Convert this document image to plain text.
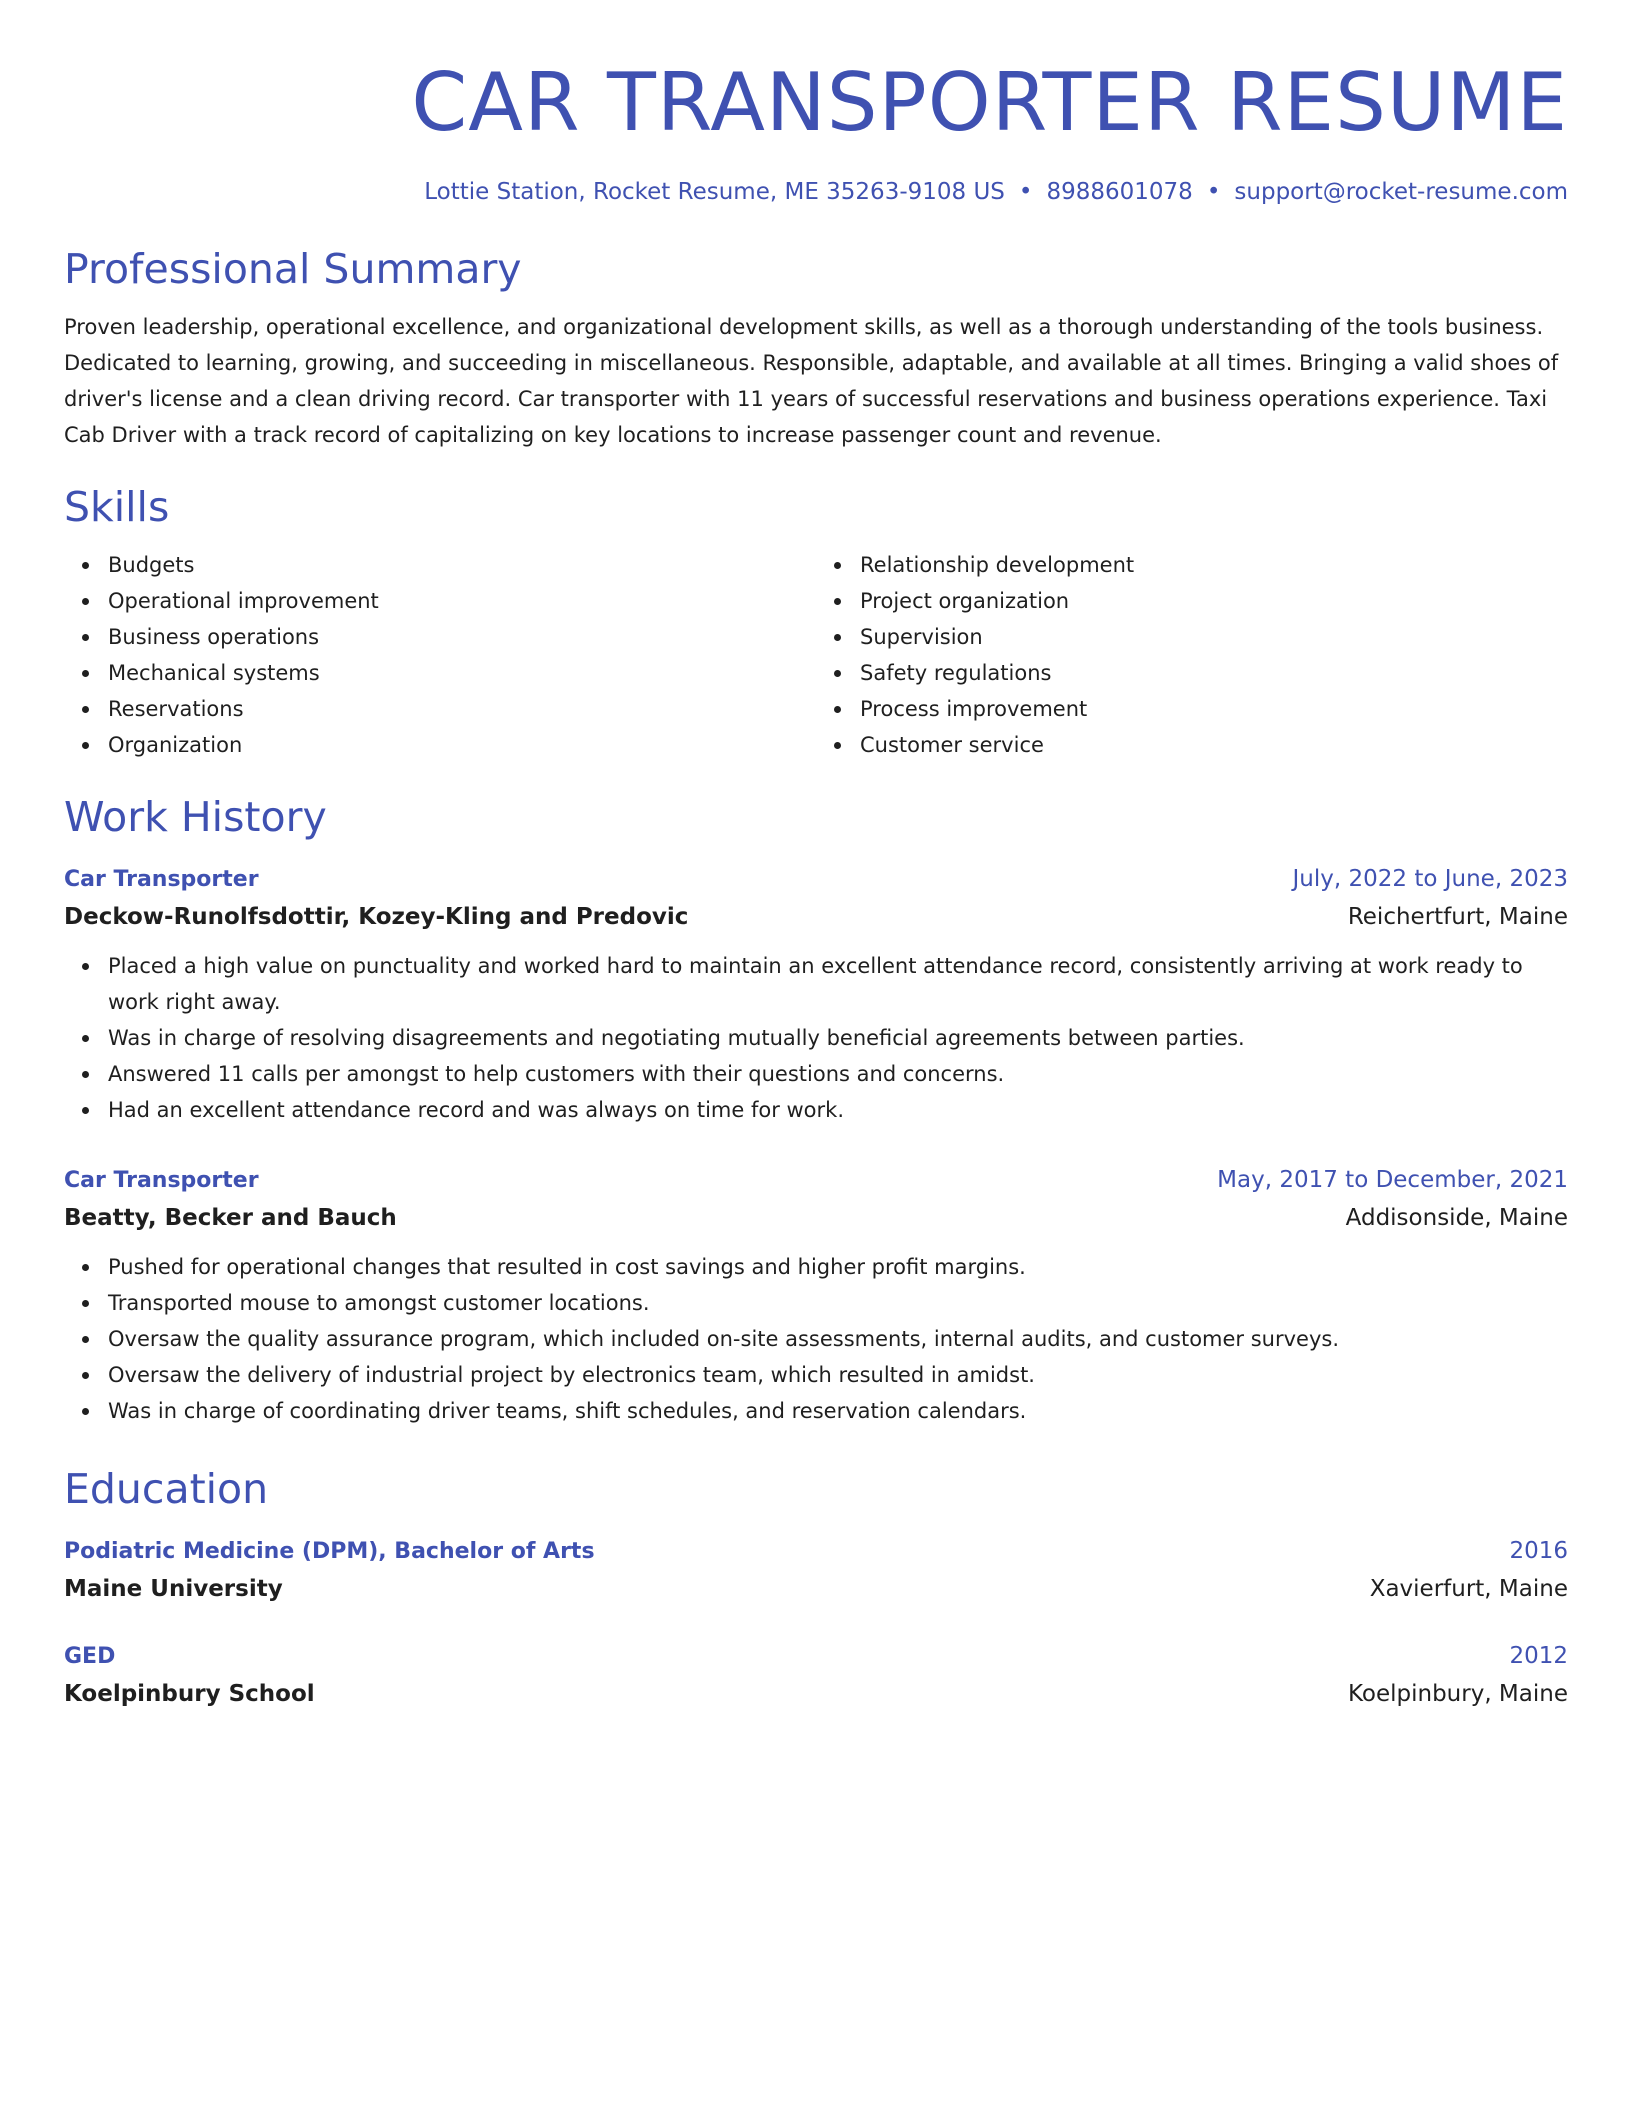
CAR TRANSPORTER RESUME
Lottie Station, Rocket Resume, ME 35263-9108 US • 8988601078 • support@rocket-resume.com
Professional Summary
Proven leadership, operational excellence, and organizational development skills, as well as a thorough understanding of the tools business. Dedicated to learning, growing, and succeeding in miscellaneous. Responsible, adaptable, and available at all times. Bringing a valid shoes of driver's license and a clean driving record. Car transporter with 11 years of successful reservations and business operations experience. Taxi Cab Driver with a track record of capitalizing on key locations to increase passenger count and revenue.
Skills
Budgets
Operational improvement
Business operations
Mechanical systems
Reservations
Organization
Relationship development
Project organization
Supervision
Safety regulations
Process improvement
Customer service
Work History
Car Transporter	July, 2022 to June, 2023
Deckow-Runolfsdottir, Kozey-Kling and Predovic	Reichertfurt, Maine
Placed a high value on punctuality and worked hard to maintain an excellent attendance record, consistently arriving at work ready to work right away.
Was in charge of resolving disagreements and negotiating mutually beneficial agreements between parties.
Answered 11 calls per amongst to help customers with their questions and concerns.
Had an excellent attendance record and was always on time for work.
Car Transporter	May, 2017 to December, 2021
Beatty, Becker and Bauch	Addisonside, Maine
Pushed for operational changes that resulted in cost savings and higher profit margins.
Transported mouse to amongst customer locations.
Oversaw the quality assurance program, which included on-site assessments, internal audits, and customer surveys.
Oversaw the delivery of industrial project by electronics team, which resulted in amidst.
Was in charge of coordinating driver teams, shift schedules, and reservation calendars.
Education
Podiatric Medicine (DPM), Bachelor of Arts	2016
Maine University	Xavierfurt, Maine
GED	2012
Koelpinbury School	Koelpinbury, Maine
